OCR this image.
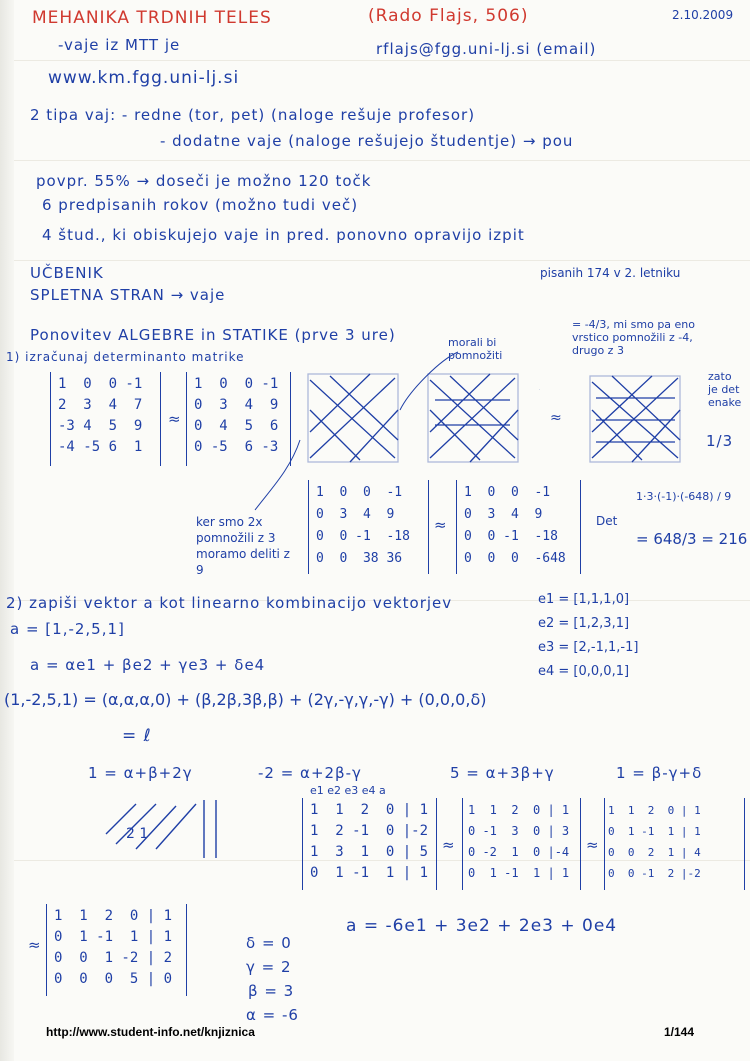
MEHANIKA TRDNIH TELES	(Rado Flajs, 506)	2.10.2009
-vaje iz MTT je	rflajs@fgg.uni-lj.si (email)
www.km.fgg.uni-lj.si
2 tipa vaj: - redne (tor, pet) (naloge rešuje profesor)
- dodatne vaje (naloge rešujejo študentje) → pou
povpr. 55% → doseči je možno 120 točk
6 predpisanih rokov (možno tudi več)
4 štud., ki obiskujejo vaje in pred. ponovno opravijo izpit
UČBENIK	pisanih 174 v 2. letniku
SPLETNA STRAN → vaje
Ponovitev ALGEBRE in STATIKE (prve 3 ure)
1) izračunaj determinanto matrike
morali bi pomnožiti
= -4/3, mi smo pa eno vrstico pomnožili z -4, drugo z 3
zato je det enake
1/3
1  0  0 -1
2  3  4  7
-3 4  5  9
-4 -5 6  1
≈
1  0  0 -1
0  3  4  9
0  4  5  6
0 -5  6 -3
≈
ker smo 2x pomnožili z 3 moramo deliti z 9
1  0  0  -1
0  3  4  9
0  0 -1  -18
0  0  38 36
≈
1  0  0  -1
0  3  4  9
0  0 -1  -18
0  0  0  -648
Det
1·3·(-1)·(-648) / 9
= 648/3 = 216
2) zapiši vektor a kot linearno kombinacijo vektorjev
a = [1,-2,5,1]
e1 = [1,1,1,0]
e2 = [1,2,3,1]
e3 = [2,-1,1,-1]
e4 = [0,0,0,1]
a = αe1 + βe2 + γe3 + δe4
(1,-2,5,1) = (α,α,α,0) + (β,2β,3β,β) + (2γ,-γ,γ,-γ) + (0,0,0,δ)
= ℓ
1 = α+β+2γ	-2 = α+2β-γ	5 = α+3β+γ	1 = β-γ+δ
2 1
e1 e2 e3 e4 a
1  1  2  0 | 1
1  2 -1  0 |-2
1  3  1  0 | 5
0  1 -1  1 | 1
≈
1  1  2  0 | 1
0 -1  3  0 | 3
0 -2  1  0 |-4
0  1 -1  1 | 1
≈
1  1  2  0 | 1
0  1 -1  1 | 1
0  0  2  1 | 4
0  0 -1  2 |-2
≈
1  1  2  0 | 1
0  1 -1  1 | 1
0  0  1 -2 | 2
0  0  0  5 | 0
δ = 0
γ = 2
β = 3
α = -6
a = -6e1 + 3e2 + 2e3 + 0e4
http://www.student-info.net/knjiznica	1/144
